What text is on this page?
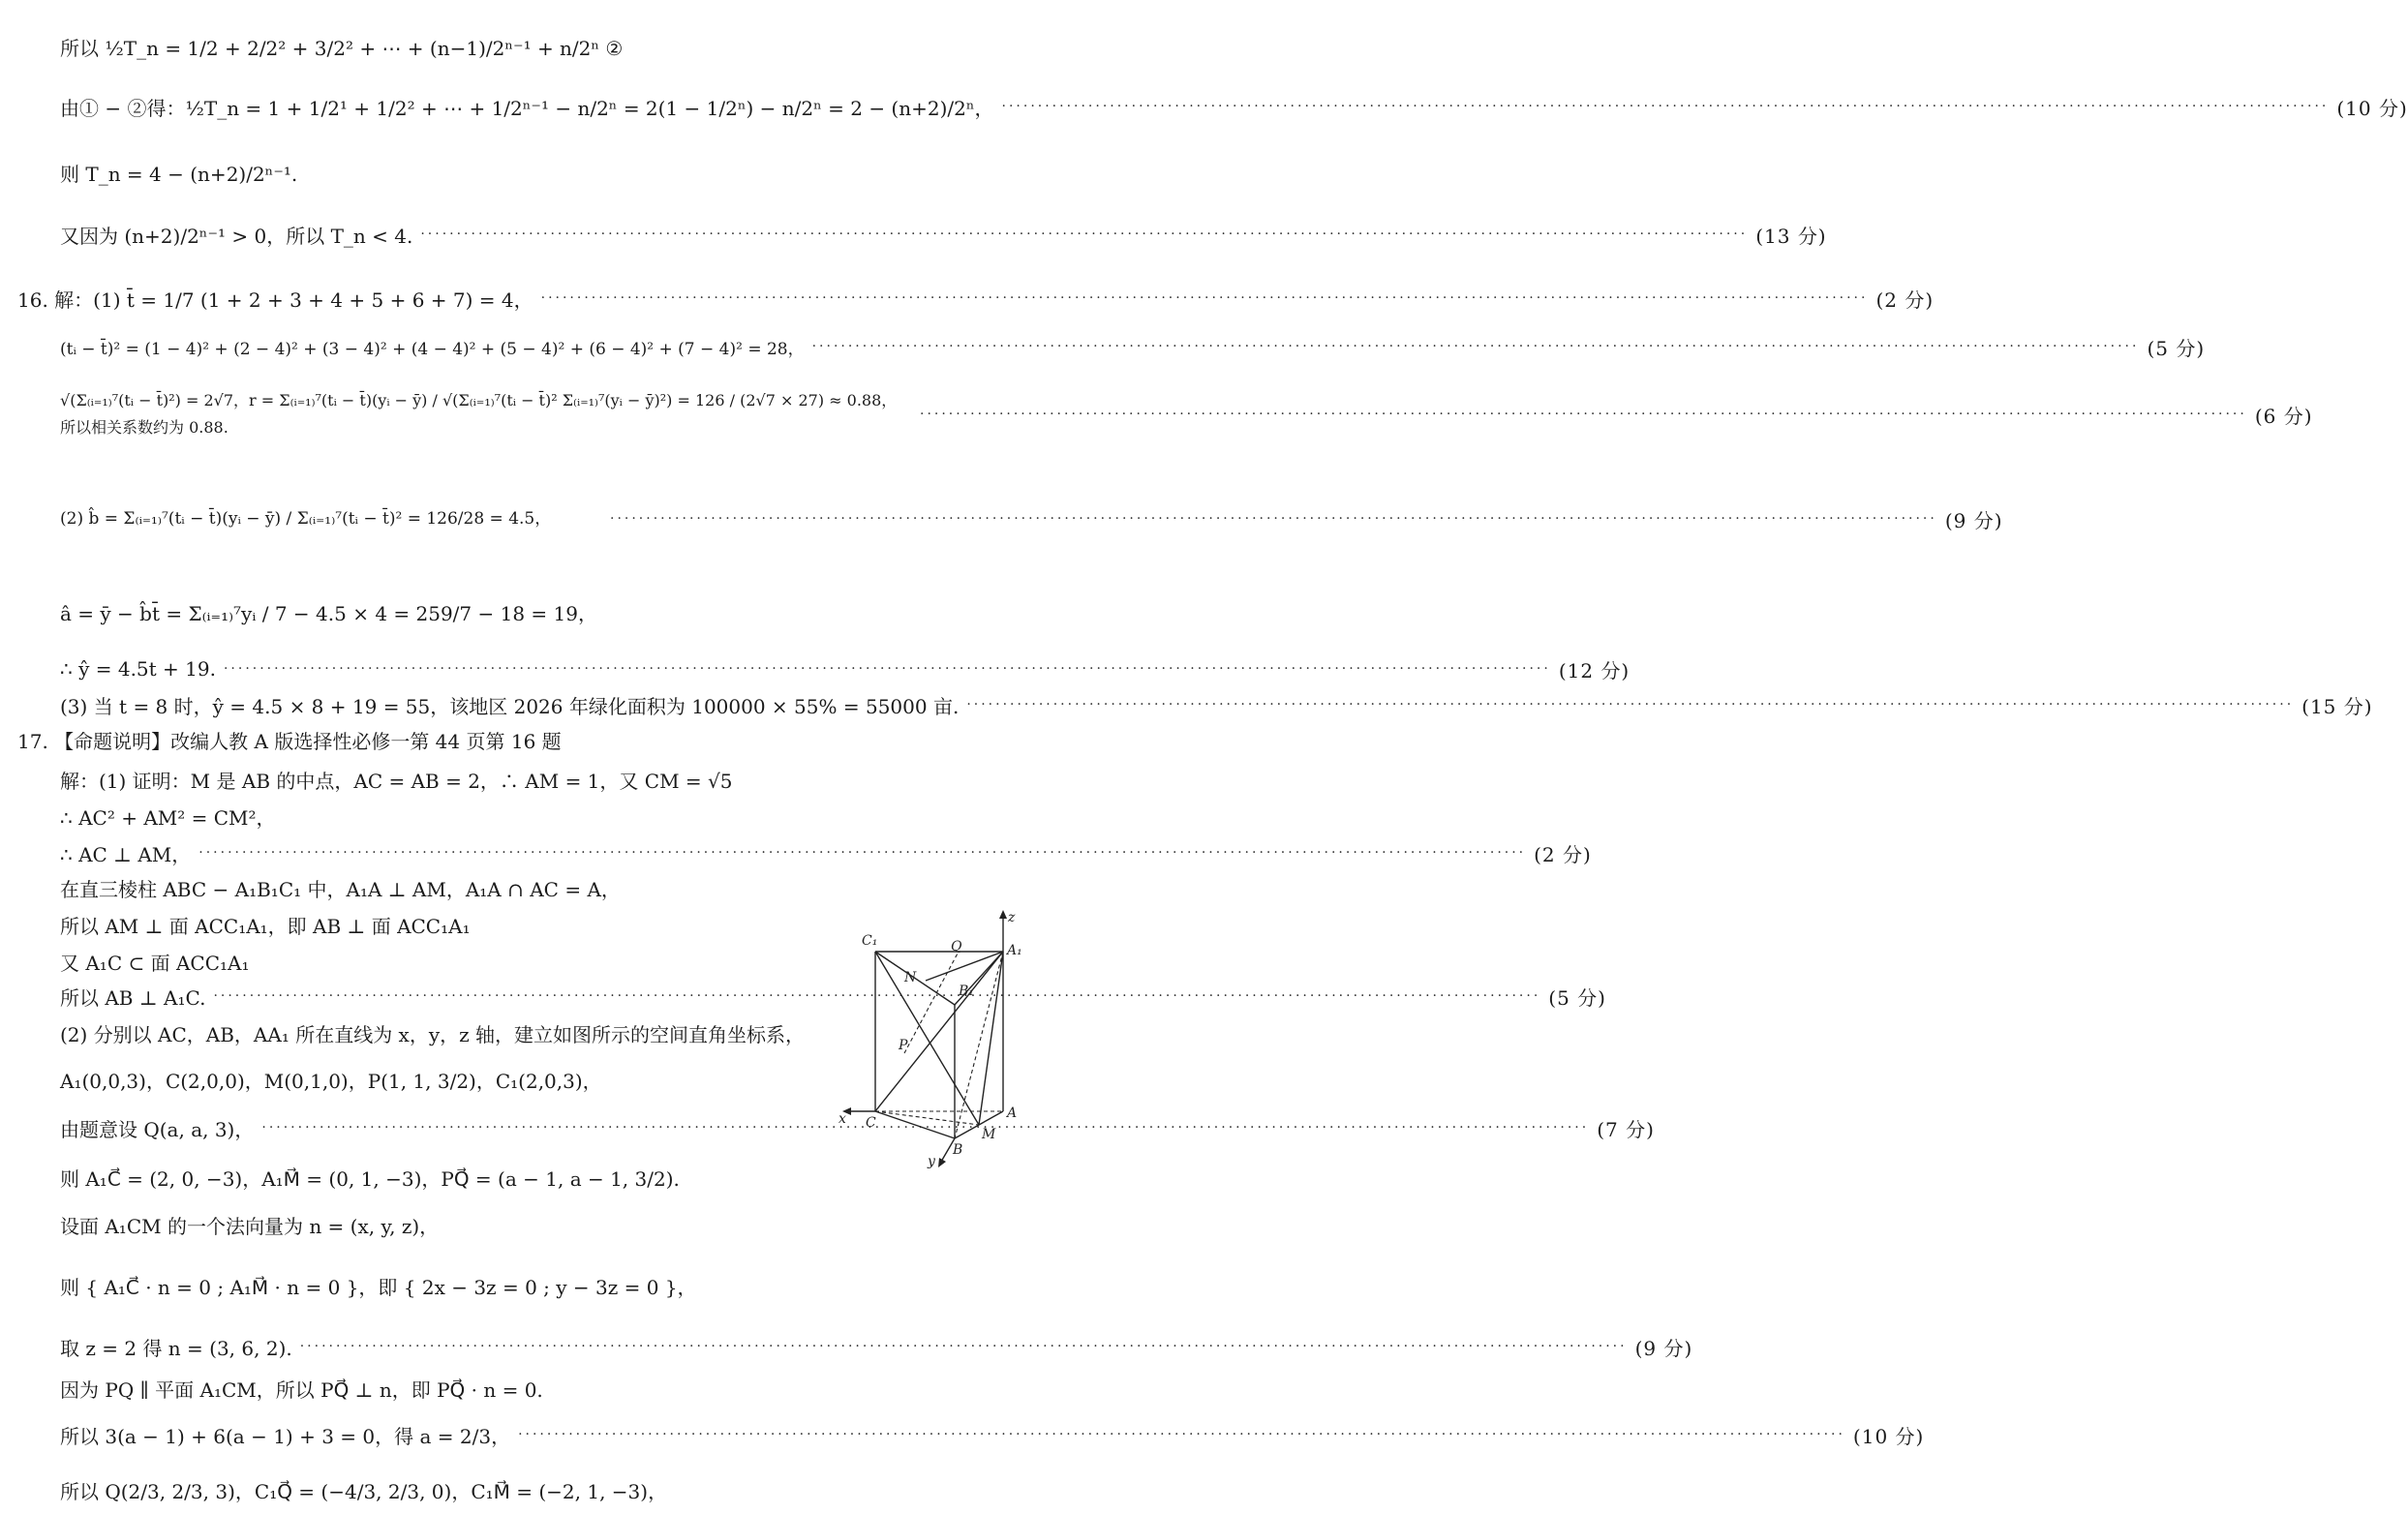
所以 ½T_n = 1/2 + 2/2² + 3/2² + ⋯ + (n−1)/2ⁿ⁻¹ + n/2ⁿ ②
由① − ②得：½T_n = 1 + 1/2¹ + 1/2² + ⋯ + 1/2ⁿ⁻¹ − n/2ⁿ = 2(1 − 1/2ⁿ) − n/2ⁿ = 2 − (n+2)/2ⁿ， ·····	(10 分)
则 T_n = 4 − (n+2)/2ⁿ⁻¹.
又因为 (n+2)/2ⁿ⁻¹ > 0，所以 T_n < 4. ·····	(13 分)
16. 解：(1) t̄ = 1/7 (1 + 2 + 3 + 4 + 5 + 6 + 7) = 4， ·····	(2 分)
(tᵢ − t̄)² = (1 − 4)² + (2 − 4)² + (3 − 4)² + (4 − 4)² + (5 − 4)² + (6 − 4)² + (7 − 4)² = 28， ·····	(5 分)
√(Σ₍ᵢ₌₁₎⁷(tᵢ − t̄)²) = 2√7，r = Σ₍ᵢ₌₁₎⁷(tᵢ − t̄)(yᵢ − ȳ) / √(Σ₍ᵢ₌₁₎⁷(tᵢ − t̄)² Σ₍ᵢ₌₁₎⁷(yᵢ − ȳ)²) = 126 / (2√7 × 27) ≈ 0.88，所以相关系数约为 0.88. ·····	(6 分)
(2) b̂ = Σ₍ᵢ₌₁₎⁷(tᵢ − t̄)(yᵢ − ȳ) / Σ₍ᵢ₌₁₎⁷(tᵢ − t̄)² = 126/28 = 4.5， ·····	(9 分)
â = ȳ − b̂t̄ = Σ₍ᵢ₌₁₎⁷yᵢ / 7 − 4.5 × 4 = 259/7 − 18 = 19，
∴ ŷ = 4.5t + 19. ·····	(12 分)
(3) 当 t = 8 时，ŷ = 4.5 × 8 + 19 = 55，该地区 2026 年绿化面积为 100000 × 55% = 55000 亩. ·····	(15 分)
17. 【命题说明】改编人教 A 版选择性必修一第 44 页第 16 题
解：(1) 证明：M 是 AB 的中点，AC = AB = 2，∴ AM = 1，又 CM = √5
∴ AC² + AM² = CM²，
∴ AC ⊥ AM， ·····	(2 分)
在直三棱柱 ABC − A₁B₁C₁ 中，A₁A ⊥ AM，A₁A ∩ AC = A，
所以 AM ⊥ 面 ACC₁A₁，即 AB ⊥ 面 ACC₁A₁
又 A₁C ⊂ 面 ACC₁A₁
所以 AB ⊥ A₁C. ·····	(5 分)
(2) 分别以 AC，AB，AA₁ 所在直线为 x，y，z 轴，建立如图所示的空间直角坐标系，
A₁(0,0,3)，C(2,0,0)，M(0,1,0)，P(1, 1, 3/2)，C₁(2,0,3)，
由题意设 Q(a, a, 3)， ·····	(7 分)
则 A₁C⃗ = (2, 0, −3)，A₁M⃗ = (0, 1, −3)，PQ⃗ = (a − 1, a − 1, 3/2).
设面 A₁CM 的一个法向量为 n = (x, y, z)，
则 { A₁C⃗ · n = 0 ; A₁M⃗ · n = 0 }，即 { 2x − 3z = 0 ; y − 3z = 0 }，
取 z = 2 得 n = (3, 6, 2). ·····	(9 分)
因为 PQ ∥ 平面 A₁CM，所以 PQ⃗ ⊥ n，即 PQ⃗ · n = 0.
所以 3(a − 1) + 6(a − 1) + 3 = 0，得 a = 2/3， ·····	(10 分)
所以 Q(2/3, 2/3, 3)，C₁Q⃗ = (−4/3, 2/3, 0)，C₁M⃗ = (−2, 1, −3)，
C₁	Q	A₁
z
N
B₁
P
x C
A
M
B
y
